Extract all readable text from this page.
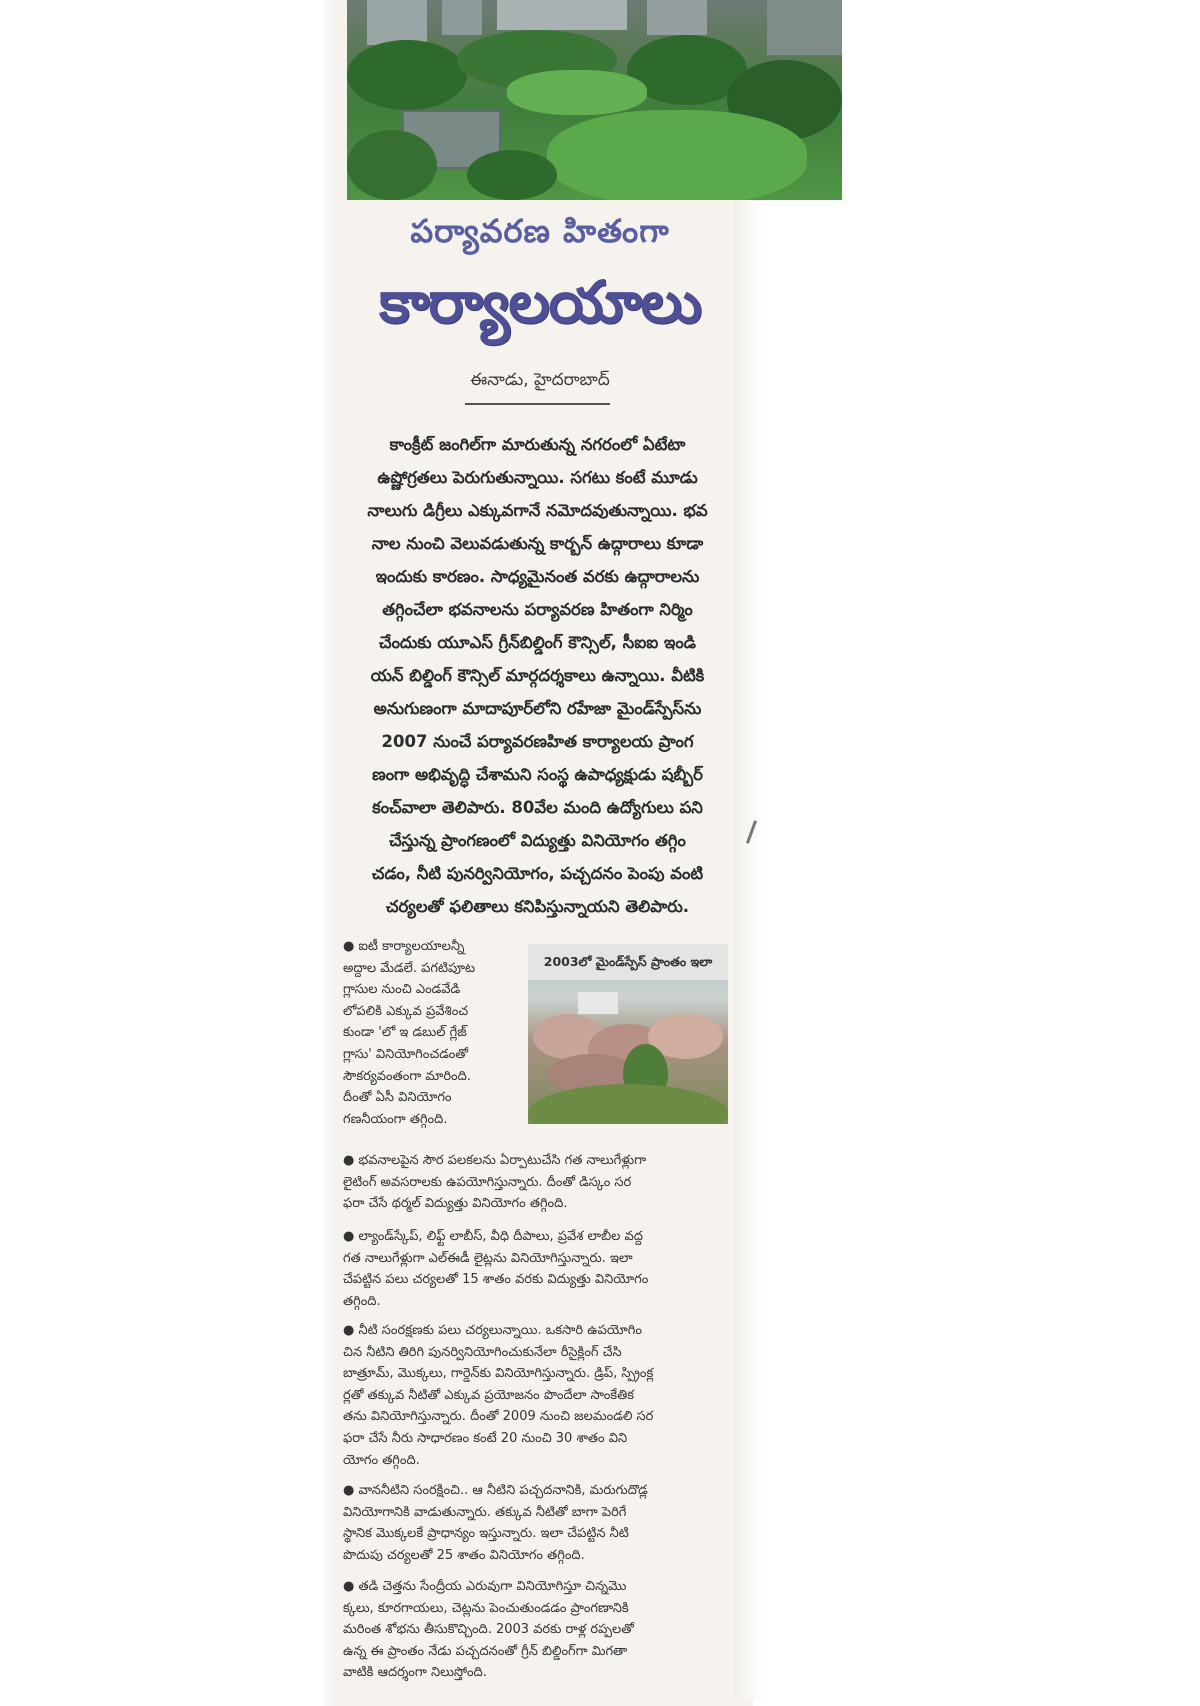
పర్యావరణ హితంగా
కార్యాలయాలు
ఈనాడు, హైదరాబాద్
కాంక్రీట్ జంగిల్‌గా మారుతున్న నగరంలో ఏటేటా
ఉష్ణోగ్రతలు పెరుగుతున్నాయి. సగటు కంటే మూడు
నాలుగు డిగ్రీలు ఎక్కువగానే నమోదవుతున్నాయి. భవ
నాల నుంచి వెలువడుతున్న కార్బన్ ఉద్గారాలు కూడా
ఇందుకు కారణం. సాధ్యమైనంత వరకు ఉద్గారాలను
తగ్గించేలా భవనాలను పర్యావరణ హితంగా నిర్మిం
చేందుకు యూఎస్ గ్రీన్‌బిల్డింగ్ కౌన్సిల్, సీఐఐ ఇండి
యన్ బిల్డింగ్ కౌన్సిల్ మార్గదర్శకాలు ఉన్నాయి. వీటికి
అనుగుణంగా మాదాపూర్‌లోని రహేజా మైండ్‌స్పేస్‌ను
2007 నుంచే పర్యావరణహిత కార్యాలయ ప్రాంగ
ణంగా అభివృద్ధి చేశామని సంస్థ ఉపాధ్యక్షుడు షబ్బీర్
కంచ్‌వాలా తెలిపారు. 80వేల మంది ఉద్యోగులు పని
చేస్తున్న ప్రాంగణంలో విద్యుత్తు వినియోగం తగ్గిం
చడం, నీటి పునర్వినియోగం, పచ్చదనం పెంపు వంటి
చర్యలతో ఫలితాలు కనిపిస్తున్నాయని తెలిపారు.
2003లో మైండ్‌స్పేస్ ప్రాంతం ఇలా
● ఐటీ కార్యాలయాలన్నీ
అద్దాల మేడలే. పగటిపూట
గ్లాసుల నుంచి ఎండవేడి
లోపలికి ఎక్కువ ప్రవేశించ
కుండా 'లో ఇ డబుల్ గ్లేజ్
గ్లాసు' వినియోగించడంతో
సౌకర్యవంతంగా మారింది.
దీంతో ఏసీ వినియోగం
గణనీయంగా తగ్గింది.
● భవనాలపైన సౌర పలకలను ఏర్పాటుచేసి గత నాలుగేళ్లుగా
లైటింగ్ అవసరాలకు ఉపయోగిస్తున్నారు. దీంతో డిస్కం సర
ఫరా చేసే థర్మల్ విద్యుత్తు వినియోగం తగ్గింది.
● ల్యాండ్‌స్కేప్, లిఫ్ట్ లాబీస్, వీధి దీపాలు, ప్రవేశ లాబీల వద్ద
గత నాలుగేళ్లుగా ఎల్ఈడీ లైట్లను వినియోగిస్తున్నారు. ఇలా
చేపట్టిన పలు చర్యలతో 15 శాతం వరకు విద్యుత్తు వినియోగం
తగ్గింది.
● నీటి సంరక్షణకు పలు చర్యలున్నాయి. ఒకసారి ఉపయోగిం
చిన నీటిని తిరిగి పునర్వినియోగించుకునేలా రీసైక్లింగ్ చేసి
బాత్రూమ్, మొక్కలు, గార్డెన్‌కు వినియోగిస్తున్నారు. డ్రిప్, స్ప్రింక్ల
ర్లతో తక్కువ నీటితో ఎక్కువ ప్రయోజనం పొందేలా సాంకేతిక
తను వినియోగిస్తున్నారు. దీంతో 2009 నుంచి జలమండలి సర
ఫరా చేసే నీరు సాధారణం కంటే 20 నుంచి 30 శాతం విని
యోగం తగ్గింది.
● వాననీటిని సంరక్షించి.. ఆ నీటిని పచ్చదనానికి, మరుగుదొడ్ల
వినియోగానికి వాడుతున్నారు. తక్కువ నీటితో బాగా పెరిగే
స్థానిక మొక్కలకే ప్రాధాన్యం ఇస్తున్నారు. ఇలా చేపట్టిన నీటి
పొదుపు చర్యలతో 25 శాతం వినియోగం తగ్గింది.
● తడి చెత్తను సేంద్రీయ ఎరువుగా వినియోగిస్తూ చిన్నమొ
క్కలు, కూరగాయలు, చెట్లను పెంచుతుండడం ప్రాంగణానికి
మరింత శోభను తీసుకొచ్చింది. 2003 వరకు రాళ్ల రప్పలతో
ఉన్న ఈ ప్రాంతం నేడు పచ్చదనంతో గ్రీన్ బిల్డింగ్‌గా మిగతా
వాటికి ఆదర్శంగా నిలుస్తోంది.
